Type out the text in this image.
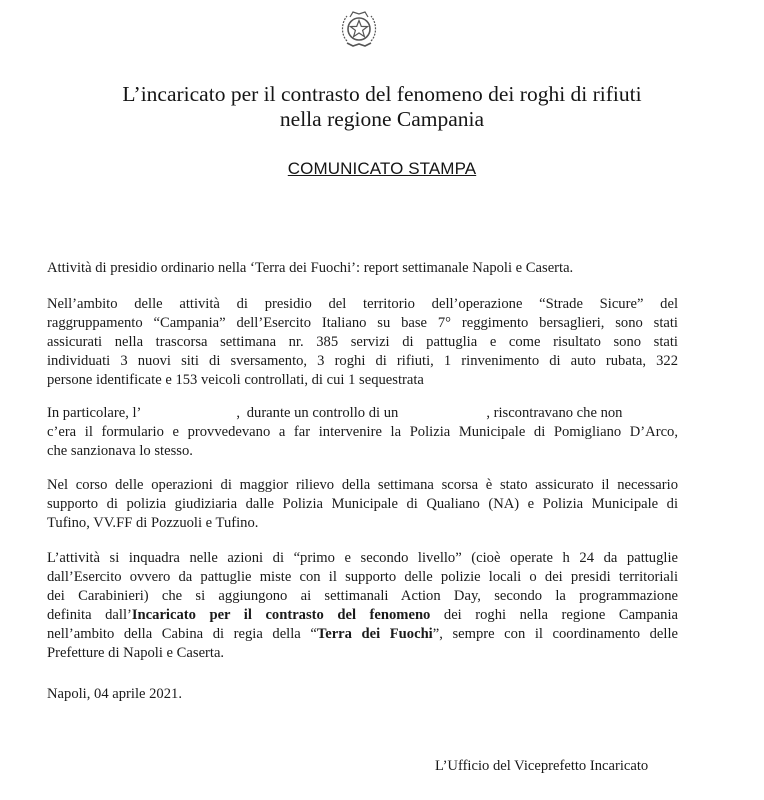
L’incaricato per il contrasto del fenomeno dei roghi di rifiuti
nella regione Campania
COMUNICATO STAMPA
Attività di presidio ordinario nella ‘Terra dei Fuochi’: report settimanale Napoli e Caserta.
Nell’ambito delle attività di presidio del territorio dell’operazione “Strade Sicure” del
raggruppamento “Campania” dell’Esercito Italiano su base 7° reggimento bersaglieri, sono stati
assicurati nella trascorsa settimana nr. 385 servizi di pattuglia e come risultato sono stati
individuati 3 nuovi siti di sversamento, 3 roghi di rifiuti, 1 rinvenimento di auto rubata, 322
persone identificate e 153 veicoli controllati, di cui 1 sequestrata
In particolare, l’	, durante un controllo di un	, riscontravano che non
c’era il formulario e provvedevano a far intervenire la Polizia Municipale di Pomigliano D’Arco,
che sanzionava lo stesso.
Nel corso delle operazioni di maggior rilievo della settimana scorsa è stato assicurato il necessario
supporto di polizia giudiziaria dalle Polizia Municipale di Qualiano (NA) e Polizia Municipale di
Tufino, VV.FF di Pozzuoli e Tufino.
L’attività si inquadra nelle azioni di “primo e secondo livello” (cioè operate h 24 da pattuglie
dall’Esercito ovvero da pattuglie miste con il supporto delle polizie locali o dei presidi territoriali
dei Carabinieri) che si aggiungono ai settimanali Action Day, secondo la programmazione
definita dall’Incaricato per il contrasto del fenomeno dei roghi nella regione Campania
nell’ambito della Cabina di regia della “Terra dei Fuochi”, sempre con il coordinamento delle
Prefetture di Napoli e Caserta.
Napoli, 04 aprile 2021.
L’Ufficio del Viceprefetto Incaricato
